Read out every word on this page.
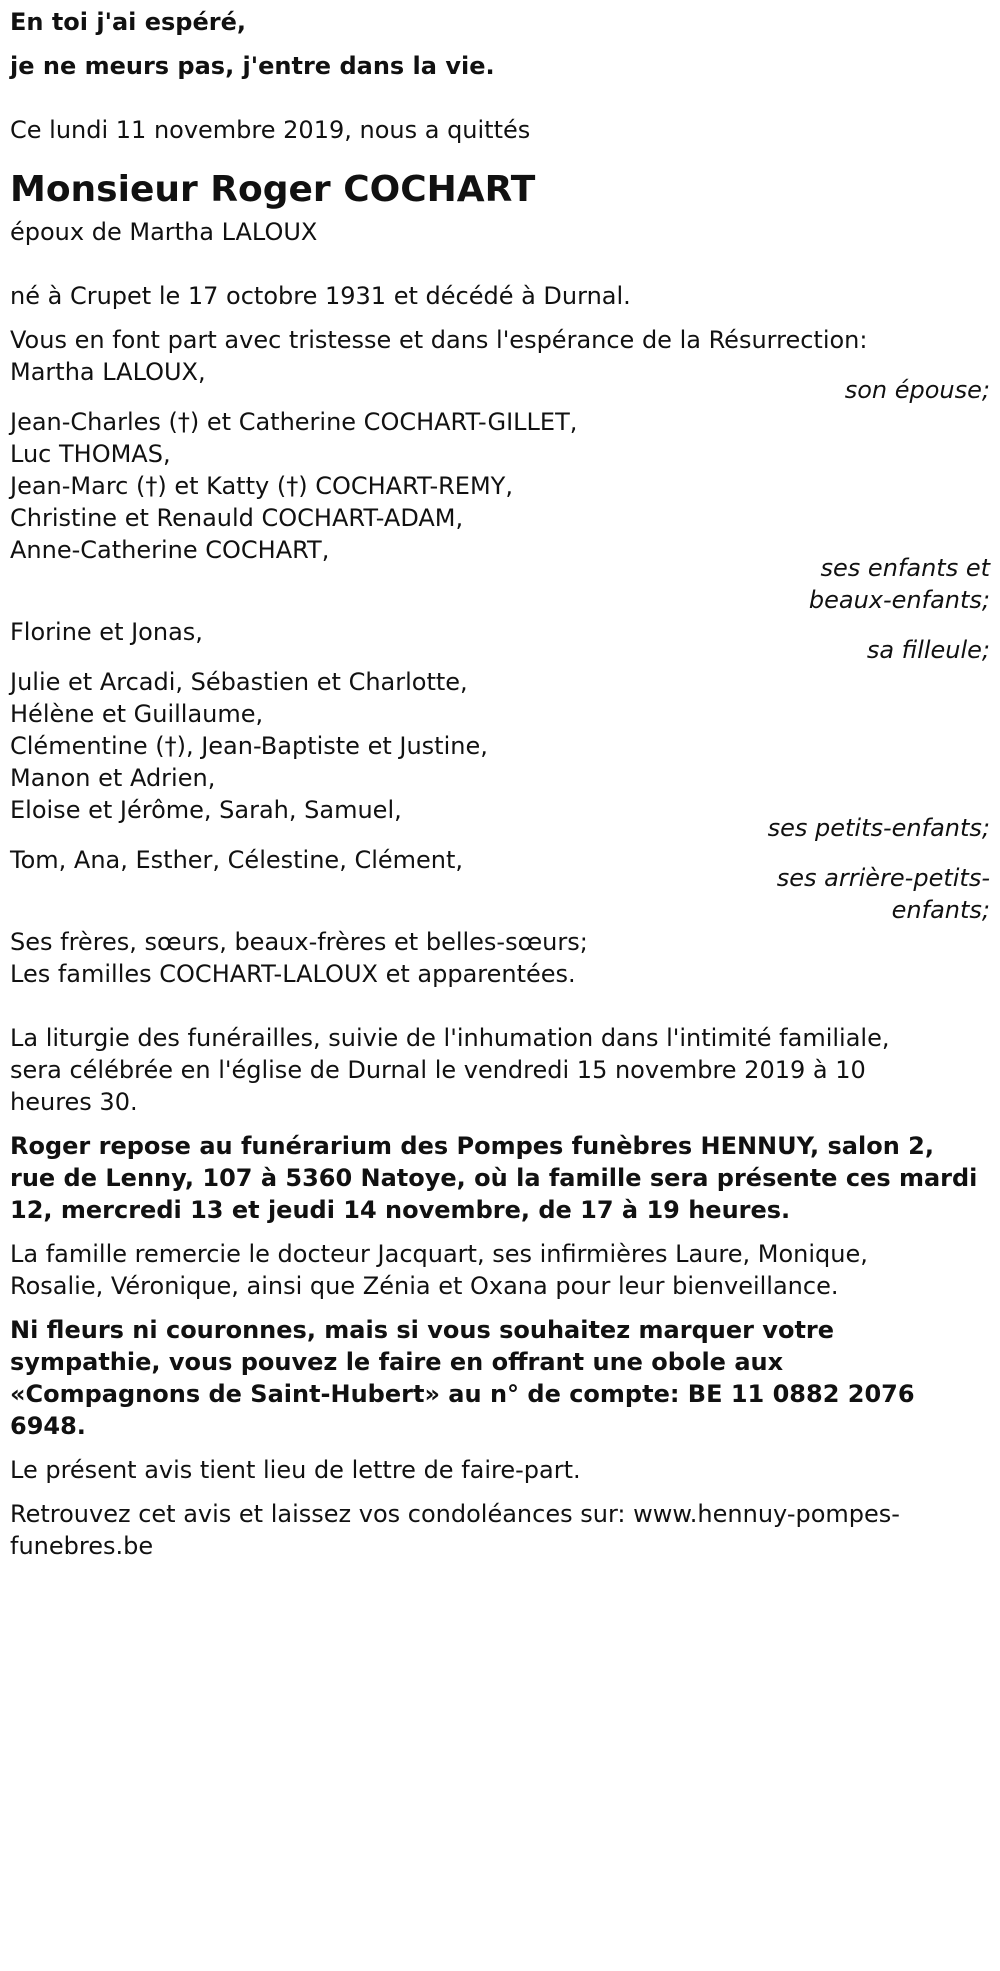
En toi j'ai espéré,
je ne meurs pas, j'entre dans la vie.
Ce lundi 11 novembre 2019, nous a quittés
Monsieur Roger COCHART
époux de Martha LALOUX
né à Crupet le 17 octobre 1931 et décédé à Durnal.
Vous en font part avec tristesse et dans l'espérance de la Résurrection:
Martha LALOUX,
son épouse;
Jean-Charles (†) et Catherine COCHART-GILLET,
Luc THOMAS,
Jean-Marc (†) et Katty (†) COCHART-REMY,
Christine et Renauld COCHART-ADAM,
Anne-Catherine COCHART,
ses enfants et
beaux-enfants;
Florine et Jonas,
sa filleule;
Julie et Arcadi, Sébastien et Charlotte,
Hélène et Guillaume,
Clémentine (†), Jean-Baptiste et Justine,
Manon et Adrien,
Eloise et Jérôme, Sarah, Samuel,
ses petits-enfants;
Tom, Ana, Esther, Célestine, Clément,
ses arrière-petits-
enfants;
Ses frères, sœurs, beaux-frères et belles-sœurs;
Les familles COCHART-LALOUX et apparentées.
La liturgie des funérailles, suivie de l'inhumation dans l'intimité familiale,
sera célébrée en l'église de Durnal le vendredi 15 novembre 2019 à 10
heures 30.
Roger repose au funérarium des Pompes funèbres HENNUY, salon 2,
rue de Lenny, 107 à 5360 Natoye, où la famille sera présente ces mardi
12, mercredi 13 et jeudi 14 novembre, de 17 à 19 heures.
La famille remercie le docteur Jacquart, ses infirmières Laure, Monique,
Rosalie, Véronique, ainsi que Zénia et Oxana pour leur bienveillance.
Ni fleurs ni couronnes, mais si vous souhaitez marquer votre
sympathie, vous pouvez le faire en offrant une obole aux
«Compagnons de Saint-Hubert» au n° de compte: BE 11 0882 2076
6948.
Le présent avis tient lieu de lettre de faire-part.
Retrouvez cet avis et laissez vos condoléances sur: www.hennuy-pompes-
funebres.be
